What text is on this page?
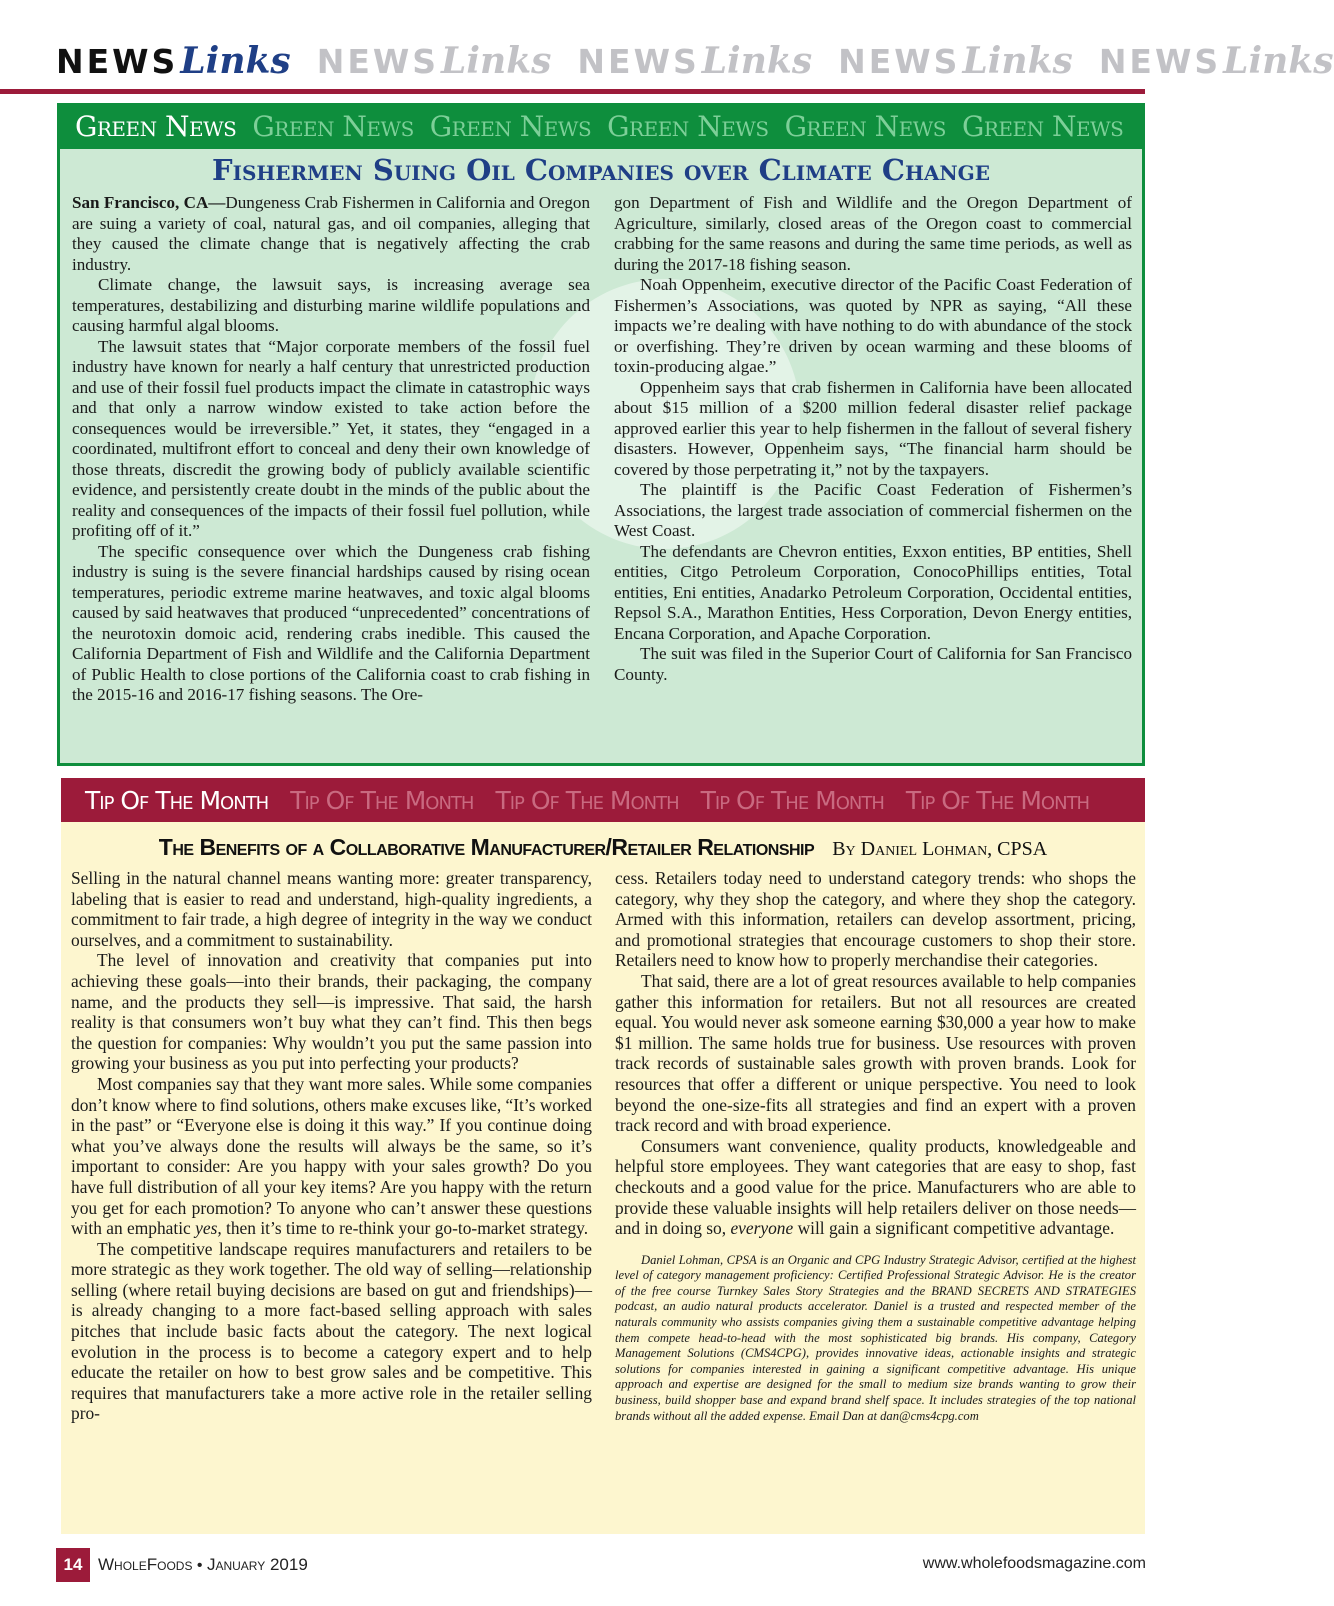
NEWS Links NEWS Links NEWS Links NEWS Links NEWS Links
Green News Green News Green News Green News Green News Green News
Fishermen Suing Oil Companies over Climate Change

San Francisco, CA—Dungeness Crab Fishermen in California and Oregon are suing a variety of coal, natural gas, and oil companies, alleging that they caused the climate change that is negatively affecting the crab industry.

Climate change, the lawsuit says, is increasing average sea temperatures, destabilizing and disturbing marine wildlife populations and causing harmful algal blooms.

The lawsuit states that “Major corporate members of the fossil fuel industry have known for nearly a half century that unrestricted production and use of their fossil fuel products impact the climate in catastrophic ways and that only a narrow window existed to take action before the consequences would be irreversible.” Yet, it states, they “engaged in a coordinated, multifront effort to conceal and deny their own knowledge of those threats, discredit the growing body of publicly available scientific evidence, and persistently create doubt in the minds of the public about the reality and consequences of the impacts of their fossil fuel pollution, while profiting off of it.”

The specific consequence over which the Dungeness crab fishing industry is suing is the severe financial hardships caused by rising ocean temperatures, periodic extreme marine heatwaves, and toxic algal blooms caused by said heatwaves that produced “unprecedented” concentrations of the neurotoxin domoic acid, rendering crabs inedible. This caused the California Department of Fish and Wildlife and the California Department of Public Health to close portions of the California coast to crab fishing in the 2015-16 and 2016-17 fishing seasons. The Ore-

gon Department of Fish and Wildlife and the Oregon Department of Agriculture, similarly, closed areas of the Oregon coast to commercial crabbing for the same reasons and during the same time periods, as well as during the 2017-18 fishing season.

Noah Oppenheim, executive director of the Pacific Coast Federation of Fishermen’s Associations, was quoted by NPR as saying, “All these impacts we’re dealing with have nothing to do with abundance of the stock or overfishing. They’re driven by ocean warming and these blooms of toxin-producing algae.”

Oppenheim says that crab fishermen in California have been allocated about $15 million of a $200 million federal disaster relief package approved earlier this year to help fishermen in the fallout of several fishery disasters. However, Oppenheim says, “The financial harm should be covered by those perpetrating it,” not by the taxpayers.

The plaintiff is the Pacific Coast Federation of Fishermen’s Associations, the largest trade association of commercial fishermen on the West Coast.

The defendants are Chevron entities, Exxon entities, BP entities, Shell entities, Citgo Petroleum Corporation, ConocoPhillips entities, Total entities, Eni entities, Anadarko Petroleum Corporation, Occidental entities, Repsol S.A., Marathon Entities, Hess Corporation, Devon Energy entities, Encana Corporation, and Apache Corporation.

The suit was filed in the Superior Court of California for San Francisco County.

Tip Of The Month Tip Of The Month Tip Of The Month Tip Of The Month Tip Of The Month
The Benefits of a Collaborative Manufacturer/Retailer Relationship By Daniel Lohman, CPSA

Selling in the natural channel means wanting more: greater transparency, labeling that is easier to read and understand, high-quality ingredients, a commitment to fair trade, a high degree of integrity in the way we conduct ourselves, and a commitment to sustainability.

The level of innovation and creativity that companies put into achieving these goals—into their brands, their packaging, the company name, and the products they sell—is impressive. That said, the harsh reality is that consumers won’t buy what they can’t find. This then begs the question for companies: Why wouldn’t you put the same passion into growing your business as you put into perfecting your products?

Most companies say that they want more sales. While some companies don’t know where to find solutions, others make excuses like, “It’s worked in the past” or “Everyone else is doing it this way.” If you continue doing what you’ve always done the results will always be the same, so it’s important to consider: Are you happy with your sales growth? Do you have full distribution of all your key items? Are you happy with the return you get for each promotion? To anyone who can’t answer these questions with an emphatic yes, then it’s time to re-think your go-to-market strategy.

The competitive landscape requires manufacturers and retailers to be more strategic as they work together. The old way of selling—relationship selling (where retail buying decisions are based on gut and friendships)—is already changing to a more fact-based selling approach with sales pitches that include basic facts about the category. The next logical evolution in the process is to become a category expert and to help educate the retailer on how to best grow sales and be competitive. This requires that manufacturers take a more active role in the retailer selling pro-

cess. Retailers today need to understand category trends: who shops the category, why they shop the category, and where they shop the category. Armed with this information, retailers can develop assortment, pricing, and promotional strategies that encourage customers to shop their store. Retailers need to know how to properly merchandise their categories.

That said, there are a lot of great resources available to help companies gather this information for retailers. But not all resources are created equal. You would never ask someone earning $30,000 a year how to make $1 million. The same holds true for business. Use resources with proven track records of sustainable sales growth with proven brands. Look for resources that offer a different or unique perspective. You need to look beyond the one-size-fits all strategies and find an expert with a proven track record and with broad experience.

Consumers want convenience, quality products, knowledgeable and helpful store employees. They want categories that are easy to shop, fast checkouts and a good value for the price. Manufacturers who are able to provide these valuable insights will help retailers deliver on those needs—and in doing so, everyone will gain a significant competitive advantage.

Daniel Lohman, CPSA is an Organic and CPG Industry Strategic Advisor, certified at the highest level of category management proficiency: Certified Professional Strategic Advisor. He is the creator of the free course Turnkey Sales Story Strategies and the BRAND SECRETS AND STRATEGIES podcast, an audio natural products accelerator. Daniel is a trusted and respected member of the naturals community who assists companies giving them a sustainable competitive advantage helping them compete head-to-head with the most sophisticated big brands. His company, Category Management Solutions (CMS4CPG), provides innovative ideas, actionable insights and strategic solutions for companies interested in gaining a significant competitive advantage. His unique approach and expertise are designed for the small to medium size brands wanting to grow their business, build shopper base and expand brand shelf space. It includes strategies of the top national brands without all the added expense. Email Dan at dan@cms4cpg.com

14 WholeFoods • January 2019	www.wholefoodsmagazine.com
